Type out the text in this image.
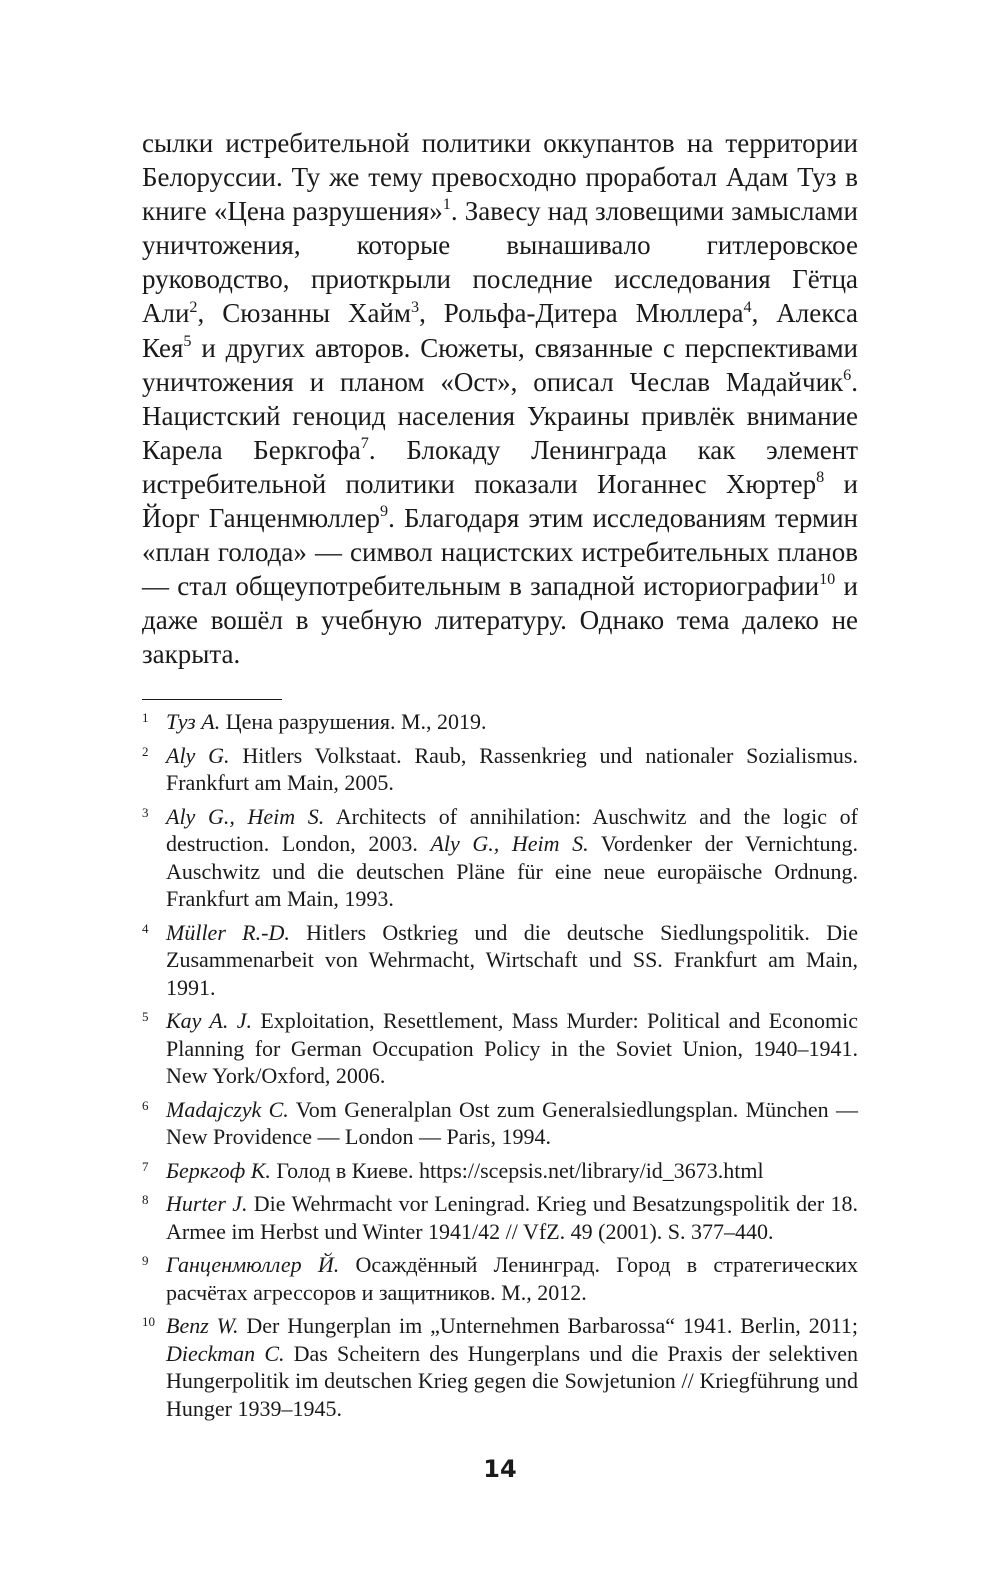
сылки истребительной политики оккупантов на территории Белоруссии. Ту же тему превосходно проработал Адам Туз в книге «Цена разрушения»$^1$. Завесу над зловещими замыслами уничтожения, которые вынашивало гитлеровское руководство, приоткрыли последние исследования Гётца Али$^2$, Сюзанны Хайм$^3$, Рольфа-Дитера Мюллера$^4$, Алекса Кея$^5$ и других авторов. Сюжеты, связанные с перспективами уничтожения и планом «Ост», описал Чеслав Мадайчик$^6$. Нацистский геноцид населения Украины привлёк внимание Карела Беркгофа$^7$. Блокаду Ленинграда как элемент истребительной политики показали Иоганнес Хюртер$^8$ и Йорг Ганценмюллер$^9$. Благодаря этим исследованиям термин «план голода» — символ нацистских истребительных планов — стал общеупотребительным в западной историографии$^{10}$ и даже вошёл в учебную литературу. Однако тема далеко не закрыта.

1 Туз А. Цена разрушения. М., 2019.
2 Aly G. Hitlers Volkstaat. Raub, Rassenkrieg und nationaler Sozialismus. Frankfurt am Main, 2005.
3 Aly G., Heim S. Architects of annihilation: Auschwitz and the logic of destruction. London, 2003. Aly G., Heim S. Vordenker der Vernichtung. Auschwitz und die deutschen Pläne für eine neue europäische Ordnung. Frankfurt am Main, 1993.
4 Müller R.-D. Hitlers Ostkrieg und die deutsche Siedlungspolitik. Die Zusammenarbeit von Wehrmacht, Wirtschaft und SS. Frankfurt am Main, 1991.
5 Kay A. J. Exploitation, Resettlement, Mass Murder: Political and Economic Planning for German Occupation Policy in the Soviet Union, 1940–1941. New York/Oxford, 2006.
6 Madajczyk C. Vom Generalplan Ost zum Generalsiedlungsplan. München — New Providence — London — Paris, 1994.
7 Беркгоф К. Голод в Киеве. https://scepsis.net/library/id_3673.html
8 Hurter J. Die Wehrmacht vor Leningrad. Krieg und Besatzungspolitik der 18. Armee im Herbst und Winter 1941/42 // VfZ. 49 (2001). S. 377–440.
9 Ганценмюллер Й. Осаждённый Ленинград. Город в стратегических расчётах агрессоров и защитников. М., 2012.
10 Benz W. Der Hungerplan im „Unternehmen Barbarossa“ 1941. Berlin, 2011; Dieckman C. Das Scheitern des Hungerplans und die Praxis der selektiven Hungerpolitik im deutschen Krieg gegen die Sowjetunion // Kriegführung und Hunger 1939–1945.
14
